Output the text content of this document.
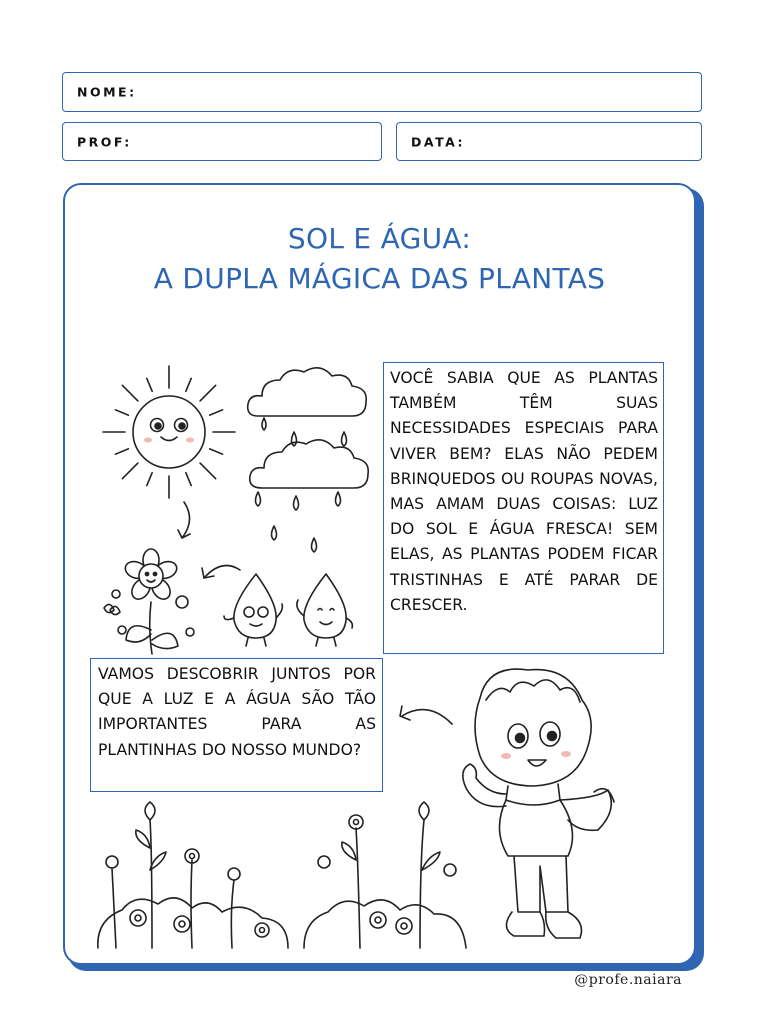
NOME:
PROF:	DATA:
SOL E ÁGUA:
A DUPLA MÁGICA DAS PLANTAS
VOCÊ SABIA QUE AS PLANTAS TAMBÉM TÊM SUAS NECESSIDADES ESPECIAIS PARA VIVER BEM? ELAS NÃO PEDEM BRINQUEDOS OU ROUPAS NOVAS, MAS AMAM DUAS COISAS: LUZ DO SOL E ÁGUA FRESCA! SEM ELAS, AS PLANTAS PODEM FICAR TRISTINHAS E ATÉ PARAR DE CRESCER.
VAMOS DESCOBRIR JUNTOS POR QUE A LUZ E A ÁGUA SÃO TÃO IMPORTANTES PARA AS PLANTINHAS DO NOSSO MUNDO?
@profe.naiara
